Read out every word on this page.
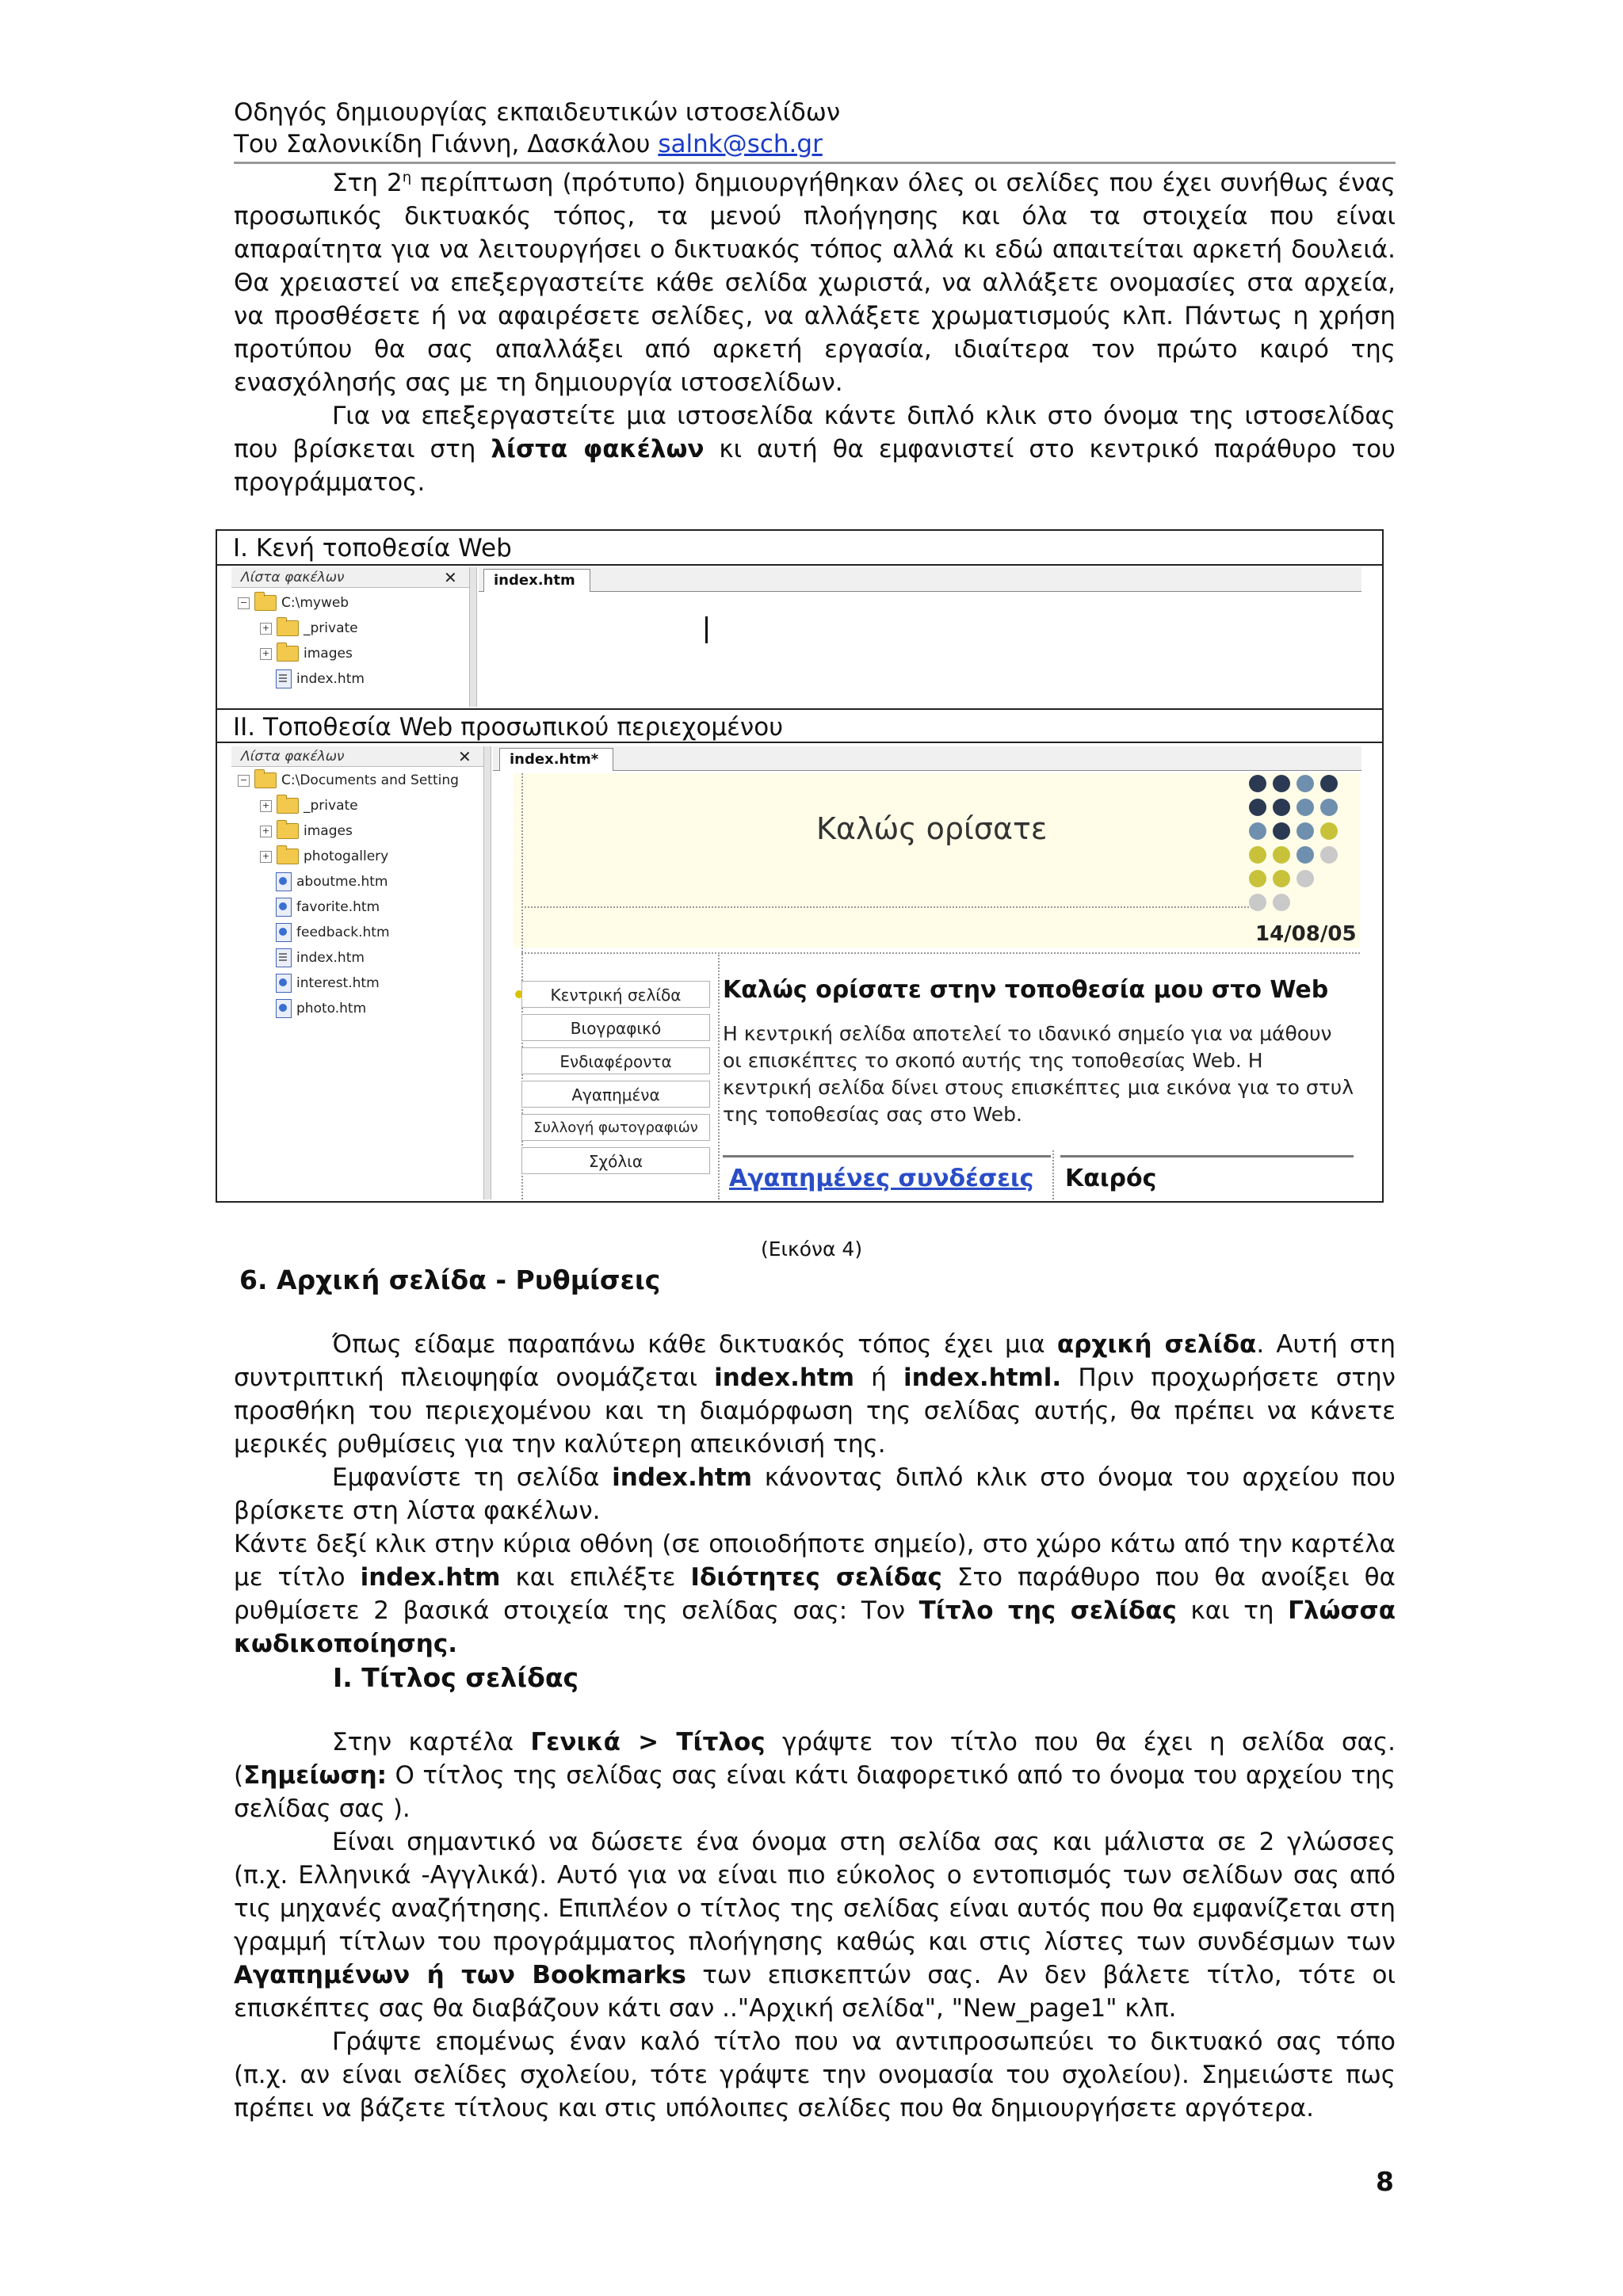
Οδηγός δημιουργίας εκπαιδευτικών ιστοσελίδων
Του Σαλονικίδη Γιάννη, Δασκάλου salnk@sch.gr

Στη $2^\eta$ περίπτωση (πρότυπο) δημιουργήθηκαν όλες οι σελίδες που έχει συνήθως ένας προσωπικός δικτυακός τόπος, τα μενού πλοήγησης και όλα τα στοιχεία που είναι απαραίτητα για να λειτουργήσει ο δικτυακός τόπος αλλά κι εδώ απαιτείται αρκετή δουλειά. Θα χρειαστεί να επεξεργαστείτε κάθε σελίδα χωριστά, να αλλάξετε ονομασίες στα αρχεία, να προσθέσετε ή να αφαιρέσετε σελίδες, να αλλάξετε χρωματισμούς κλπ. Πάντως η χρήση προτύπου θα σας απαλλάξει από αρκετή εργασία, ιδιαίτερα τον πρώτο καιρό της ενασχόλησής σας με τη δημιουργία ιστοσελίδων.

Για να επεξεργαστείτε μια ιστοσελίδα κάντε διπλό κλικ στο όνομα της ιστοσελίδας που βρίσκεται στη λίστα φακέλων κι αυτή θα εμφανιστεί στο κεντρικό παράθυρο του προγράμματος.

I. Κενή τοποθεσία Web
Λίστα φακέλων	✕
−	C:\myweb
+	_private
+	images
index.htm
index.htm
II. Τοποθεσία Web προσωπικού περιεχομένου
Λίστα φακέλων	✕
−	C:\Documents and Setting
+	_private
+	images
+	photogallery
aboutme.htm
favorite.htm
feedback.htm
index.htm
interest.htm
photo.htm
index.htm*
Καλώς ορίσατε
14/08/05
Κεντρική σελίδα
Βιογραφικό
Ενδιαφέροντα
Αγαπημένα
Συλλογή φωτογραφιών
Σχόλια
Καλώς ορίσατε στην τοποθεσία μου στο Web
Η κεντρική σελίδα αποτελεί το ιδανικό σημείο για να μάθουν οι επισκέπτες το σκοπό αυτής της τοποθεσίας Web. Η κεντρική σελίδα δίνει στους επισκέπτες μια εικόνα για το στυλ της τοποθεσίας σας στο Web.
Αγαπημένες συνδέσεις Καιρός
(Εικόνα 4)
6. Αρχική σελίδα - Ρυθμίσεις

Όπως είδαμε παραπάνω κάθε δικτυακός τόπος έχει μια αρχική σελίδα. Αυτή στη συντριπτική πλειοψηφία ονομάζεται index.htm ή index.html. Πριν προχωρήσετε στην προσθήκη του περιεχομένου και τη διαμόρφωση της σελίδας αυτής, θα πρέπει να κάνετε μερικές ρυθμίσεις για την καλύτερη απεικόνισή της.

Εμφανίστε τη σελίδα index.htm κάνοντας διπλό κλικ στο όνομα του αρχείου που βρίσκετε στη λίστα φακέλων.

Κάντε δεξί κλικ στην κύρια οθόνη (σε οποιοδήποτε σημείο), στο χώρο κάτω από την καρτέλα με τίτλο index.htm και επιλέξτε Ιδιότητες σελίδας Στο παράθυρο που θα ανοίξει θα ρυθμίσετε 2 βασικά στοιχεία της σελίδας σας: Τον Τίτλο της σελίδας και τη Γλώσσα κωδικοποίησης.

I. Τίτλος σελίδας

Στην καρτέλα Γενικά > Τίτλος γράψτε τον τίτλο που θα έχει η σελίδα σας. (Σημείωση: Ο τίτλος της σελίδας σας είναι κάτι διαφορετικό από το όνομα του αρχείου της σελίδας σας ).

Είναι σημαντικό να δώσετε ένα όνομα στη σελίδα σας και μάλιστα σε 2 γλώσσες (π.χ. Ελληνικά -Αγγλικά). Αυτό για να είναι πιο εύκολος ο εντοπισμός των σελίδων σας από τις μηχανές αναζήτησης. Επιπλέον ο τίτλος της σελίδας είναι αυτός που θα εμφανίζεται στη γραμμή τίτλων του προγράμματος πλοήγησης καθώς και στις λίστες των συνδέσμων των Αγαπημένων ή των Bookmarks των επισκεπτών σας. Αν δεν βάλετε τίτλο, τότε οι επισκέπτες σας θα διαβάζουν κάτι σαν .."Αρχική σελίδα", "New_page1" κλπ.

Γράψτε επομένως έναν καλό τίτλο που να αντιπροσωπεύει το δικτυακό σας τόπο (π.χ. αν είναι σελίδες σχολείου, τότε γράψτε την ονομασία του σχολείου). Σημειώστε πως πρέπει να βάζετε τίτλους και στις υπόλοιπες σελίδες που θα δημιουργήσετε αργότερα.

8
